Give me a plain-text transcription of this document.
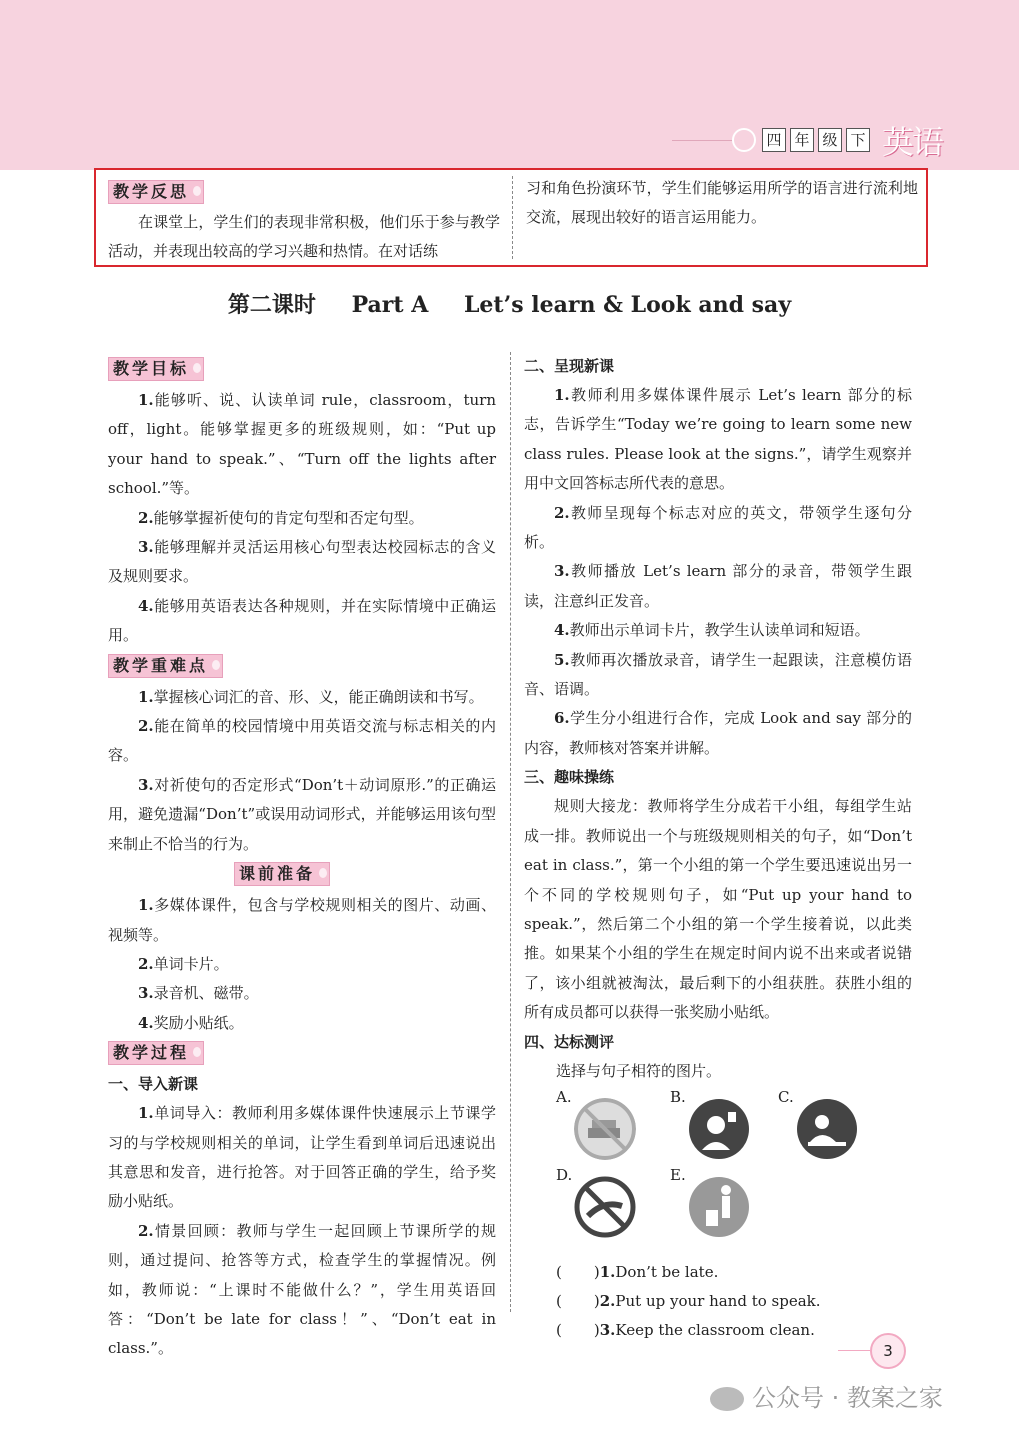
四 年 级 下 英语
教学反思

在课堂上，学生们的表现非常积极，他们乐于参与教学活动，并表现出较高的学习兴趣和热情。在对话练

习和角色扮演环节，学生们能够运用所学的语言进行流利地交流，展现出较好的语言运用能力。

第二课时 Part A Let’s learn & Look and say
教学目标

1.能够听、说、认读单词 rule，classroom，turn off，light。能够掌握更多的班级规则，如：“Put up your hand to speak.”、“Turn off the lights after school.”等。

2.能够掌握祈使句的肯定句型和否定句型。

3.能够理解并灵活运用核心句型表达校园标志的含义及规则要求。

4.能够用英语表达各种规则，并在实际情境中正确运用。

教学重难点

1.掌握核心词汇的音、形、义，能正确朗读和书写。

2.能在简单的校园情境中用英语交流与标志相关的内容。

3.对祈使句的否定形式“Don’t＋动词原形.”的正确运用，避免遗漏“Don’t”或误用动词形式，并能够运用该句型来制止不恰当的行为。

课前准备

1.多媒体课件，包含与学校规则相关的图片、动画、视频等。

2.单词卡片。

3.录音机、磁带。

4.奖励小贴纸。

教学过程
一、导入新课

1.单词导入：教师利用多媒体课件快速展示上节课学习的与学校规则相关的单词，让学生看到单词后迅速说出其意思和发音，进行抢答。对于回答正确的学生，给予奖励小贴纸。

2.情景回顾：教师与学生一起回顾上节课所学的规则，通过提问、抢答等方式，检查学生的掌握情况。例如，教师说：“上课时不能做什么？”，学生用英语回答：“Don’t be late for class！”、“Don’t eat in class.”。

二、呈现新课

1.教师利用多媒体课件展示 Let’s learn 部分的标志，告诉学生“Today we’re going to learn some new class rules. Please look at the signs.”，请学生观察并用中文回答标志所代表的意思。

2.教师呈现每个标志对应的英文，带领学生逐句分析。

3.教师播放 Let’s learn 部分的录音，带领学生跟读，注意纠正发音。

4.教师出示单词卡片，教学生认读单词和短语。

5.教师再次播放录音，请学生一起跟读，注意模仿语音、语调。

6.学生分小组进行合作，完成 Look and say 部分的内容，教师核对答案并讲解。

三、趣味操练

规则大接龙：教师将学生分成若干小组，每组学生站成一排。教师说出一个与班级规则相关的句子，如“Don’t eat in class.”，第一个小组的第一个学生要迅速说出另一个不同的学校规则句子，如“Put up your hand to speak.”，然后第二个小组的第一个学生接着说，以此类推。如果某个小组的学生在规定时间内说不出来或者说错了，该小组就被淘汰，最后剩下的小组获胜。获胜小组的所有成员都可以获得一张奖励小贴纸。

四、达标测评
选择与句子相符的图片。
A.	B.	C.
D.	E.

( )1.Don’t be late.

( )2.Put up your hand to speak.

( )3.Keep the classroom clean.

3
公众号 · 教案之家
